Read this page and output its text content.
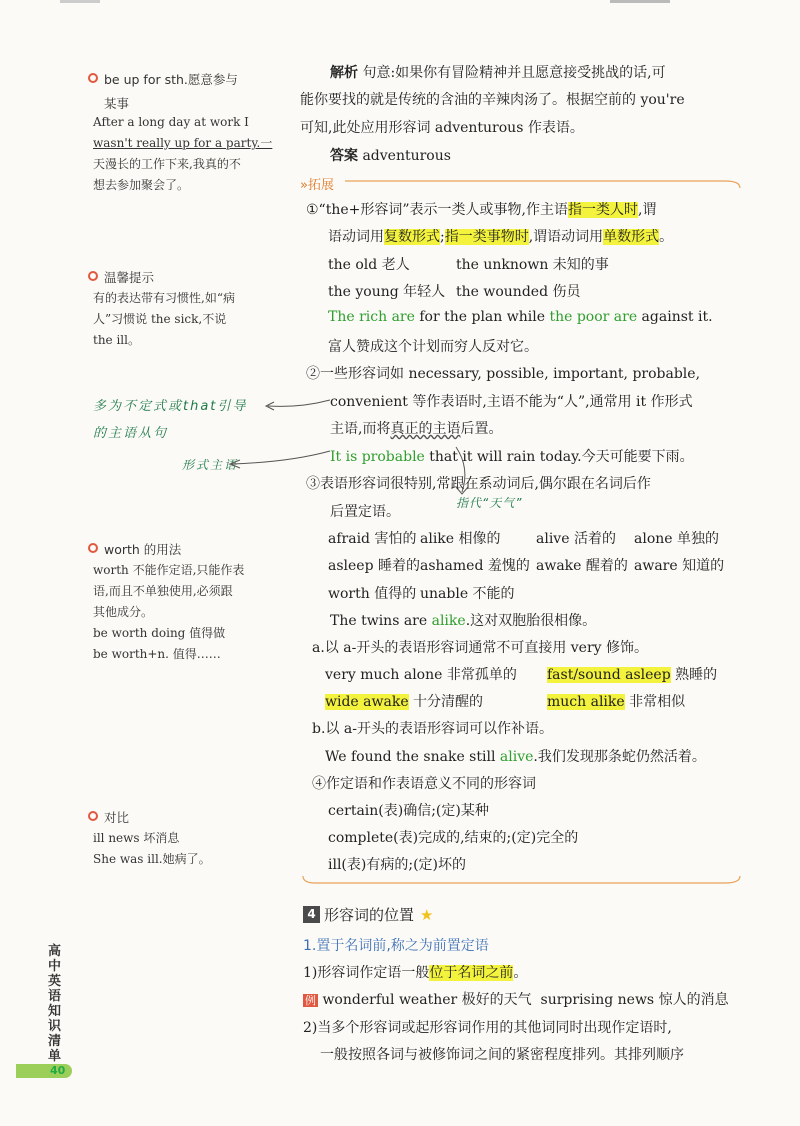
be up for sth.愿意参与
某事
After a long day at work I
wasn't really up for a party.一
天漫长的工作下来,我真的不
想去参加聚会了。
温馨提示
有的表达带有习惯性,如“病
人”习惯说 the sick,不说
the ill。
worth 的用法
worth 不能作定语,只能作表
语,而且不单独使用,必须跟
其他成分。
be worth doing 值得做
be worth+n. 值得……
对比
ill news 坏消息
She was ill.她病了。
高中英语知识清单
40
多为不定式或that引导
的主语从句
形式主语
指代“天气”
解析 句意:如果你有冒险精神并且愿意接受挑战的话,可
能你要找的就是传统的含油的辛辣肉汤了。根据空前的 you're
可知,此处应用形容词 adventurous 作表语。
答案 adventurous
»拓展
①“the+形容词”表示一类人或事物,作主语指一类人时,谓
语动词用复数形式;指一类事物时,谓语动词用单数形式。
the old 老人	the unknown 未知的事
the young 年轻人 the wounded 伤员
The rich are for the plan while the poor are against it.
富人赞成这个计划而穷人反对它。
②一些形容词如 necessary, possible, important, probable,
convenient 等作表语时,主语不能为“人”,通常用 it 作形式
主语,而将真正的主语后置。
It is probable that it will rain today.今天可能要下雨。
③表语形容词很特别,常跟在系动词后,偶尔跟在名词后作
后置定语。
afraid 害怕的 alike 相像的	alive 活着的 alone 单独的
asleep 睡着的ashamed 羞愧的 awake 醒着的 aware 知道的
worth 值得的 unable 不能的
The twins are alike.这对双胞胎很相像。
a.以 a-开头的表语形容词通常不可直接用 very 修饰。
very much alone 非常孤单的 fast/sound asleep 熟睡的
wide awake 十分清醒的	much alike 非常相似
b.以 a-开头的表语形容词可以作补语。
We found the snake still alive.我们发现那条蛇仍然活着。
④作定语和作表语意义不同的形容词
certain(表)确信;(定)某种
complete(表)完成的,结束的;(定)完全的
ill(表)有病的;(定)坏的
4 形容词的位置 ★
1.置于名词前,称之为前置定语
1)形容词作定语一般位于名词之前。
例 wonderful weather 极好的天气  surprising news 惊人的消息
2)当多个形容词或起形容词作用的其他词同时出现作定语时,
一般按照各词与被修饰词之间的紧密程度排列。其排列顺序
